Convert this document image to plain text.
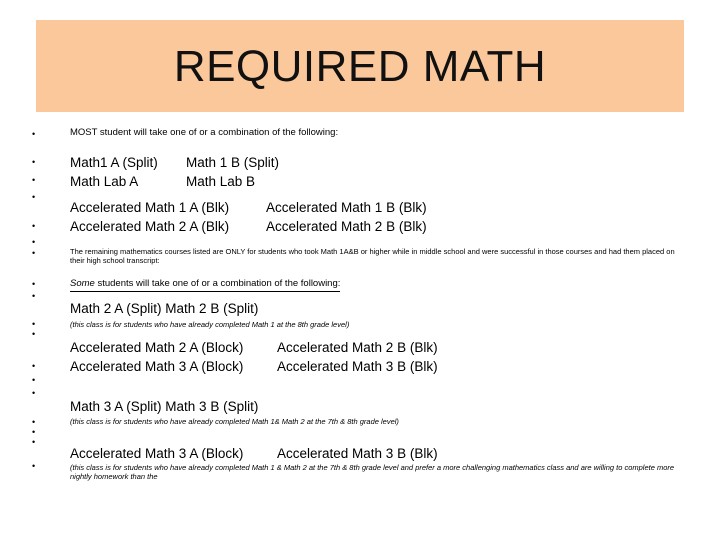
REQUIRED MATH
•
•
•
•
•
•
•
•
•
•
•
•
•
•
•
•
•
•
MOST student will take one of or a combination of the following:
Math1 A (Split) Math 1 B (Split)
Math Lab A	Math Lab B
Accelerated Math 1 A (Blk)	Accelerated Math 1 B (Blk)
Accelerated Math 2 A (Blk)	Accelerated Math 2 B (Blk)
The remaining mathematics courses listed are ONLY for students who took Math 1A&B or higher while in middle school and were successful in those courses and had them placed on their high school transcript:
Some students will take one of or a combination of the following:
Math 2 A (Split) Math 2 B (Split)
(this class is for students who have already completed Math 1 at the 8th grade level)
Accelerated Math 2 A (Block) Accelerated Math 2 B (Blk)
Accelerated Math 3 A (Block) Accelerated Math 3 B (Blk)
Math 3 A (Split) Math 3 B (Split)
(this class is for students who have already completed Math 1& Math 2 at the 7th & 8th grade level)
Accelerated Math 3 A (Block) Accelerated Math 3 B (Blk)
(this class is for students who have already completed Math 1 & Math 2 at the 7th & 8th grade level and prefer a more challenging mathematics class and are willing to complete more nightly homework than the
